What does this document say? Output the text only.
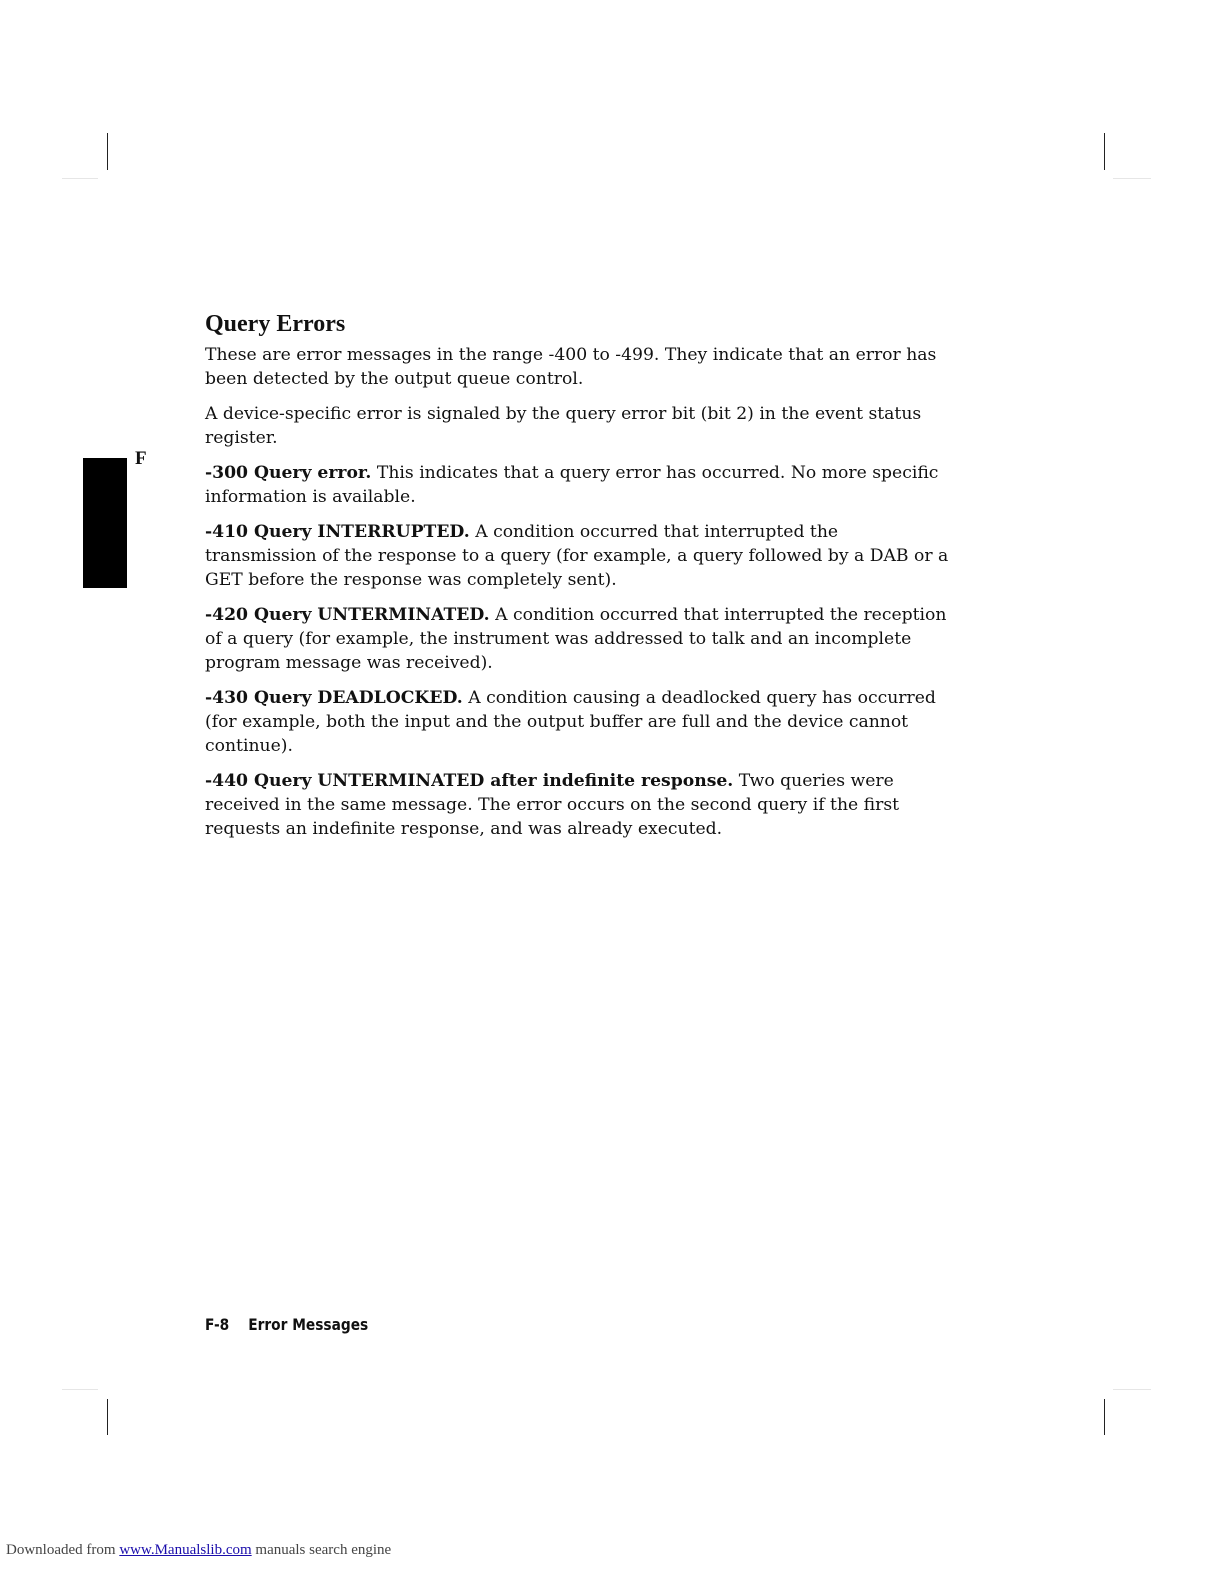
F
Query Errors

These are error messages in the range -400 to -499. They indicate that an error has been detected by the output queue control.

A device-specific error is signaled by the query error bit (bit 2) in the event status register.

-300 Query error. This indicates that a query error has occurred. No more specific information is available.

-410 Query INTERRUPTED. A condition occurred that interrupted the transmission of the response to a query (for example, a query followed by a DAB or a GET before the response was completely sent).

-420 Query UNTERMINATED. A condition occurred that interrupted the reception of a query (for example, the instrument was addressed to talk and an incomplete program message was received).

-430 Query DEADLOCKED. A condition causing a deadlocked query has occurred (for example, both the input and the output buffer are full and the device cannot continue).

-440 Query UNTERMINATED after indefinite response. Two queries were received in the same message. The error occurs on the second query if the first requests an indefinite response, and was already executed.

F-8 Error Messages
Downloaded from www.Manualslib.com manuals search engine
